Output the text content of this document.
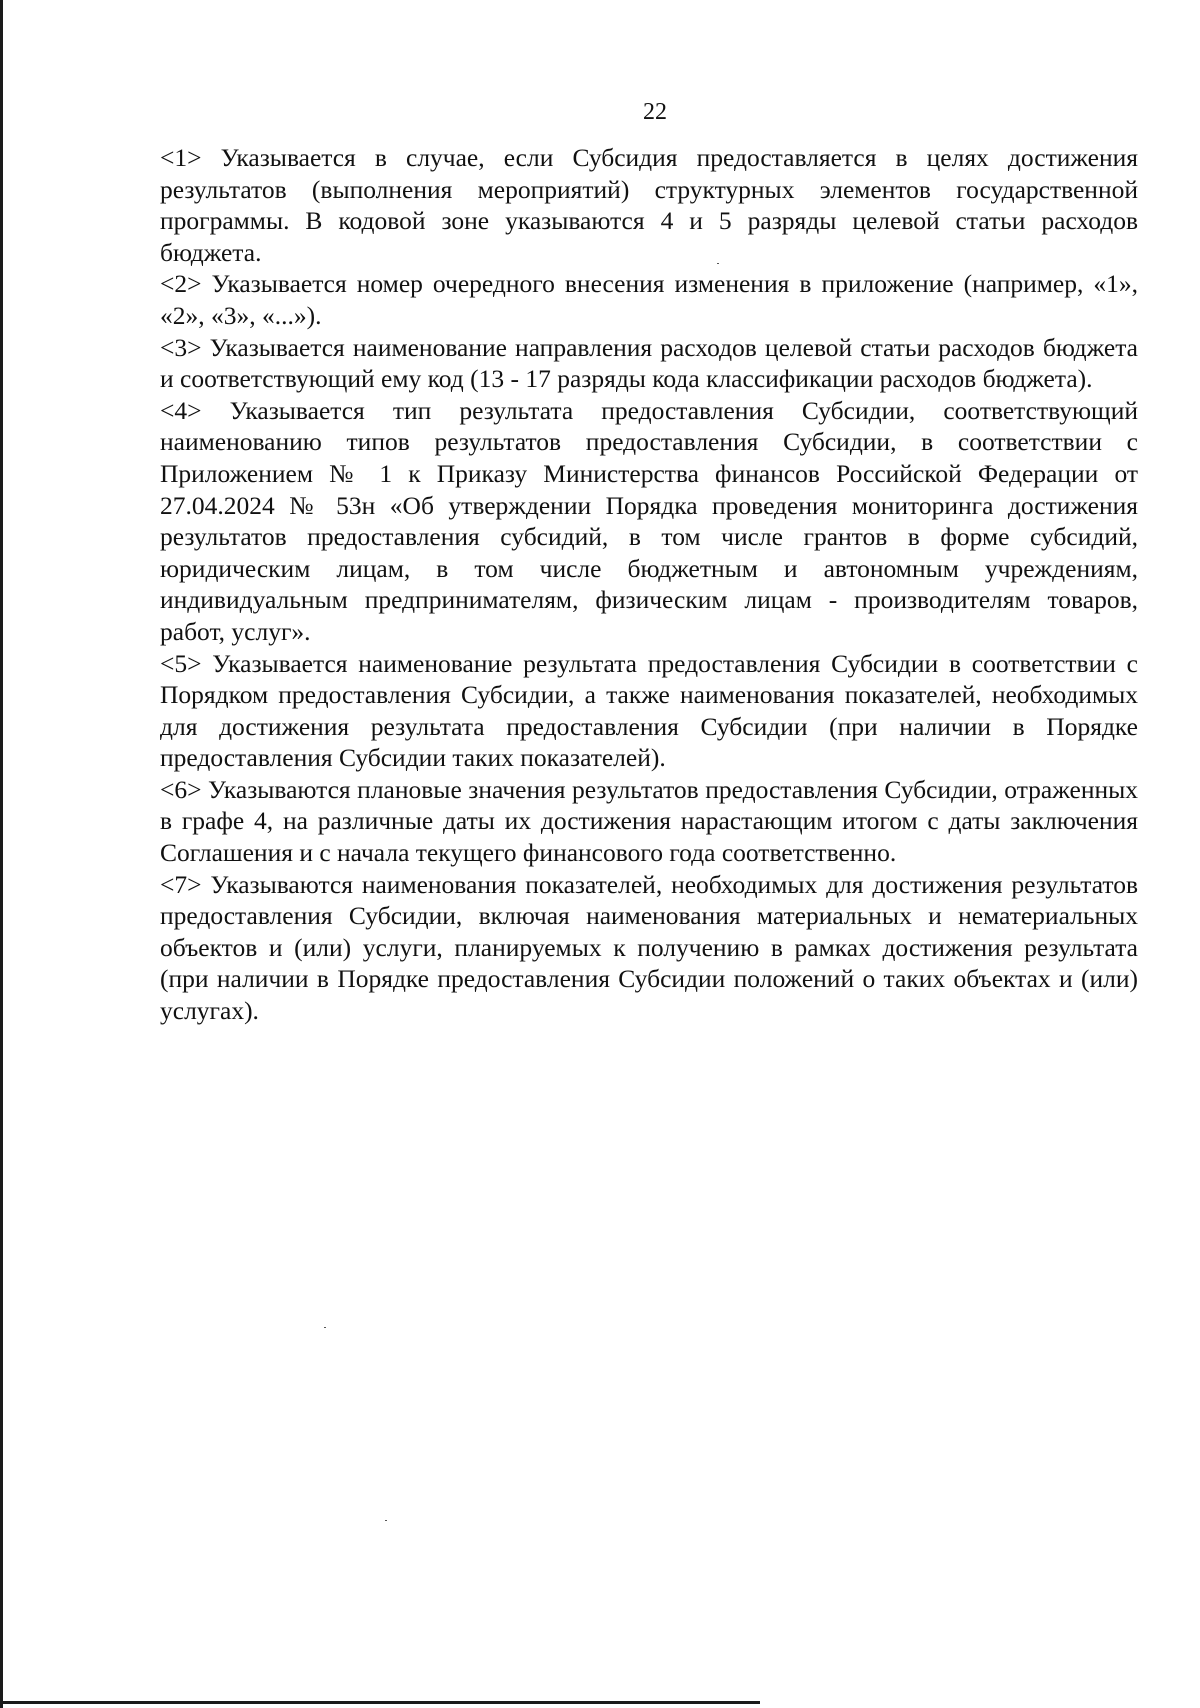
22

<1> Указывается в случае, если Субсидия предоставляется в целях достижения результатов (выполнения мероприятий) структурных элементов государственной программы. В кодовой зоне указываются 4 и 5 разряды целевой статьи расходов бюджета.

<2> Указывается номер очередного внесения изменения в приложение (например, «1», «2», «3», «...»).

<3> Указывается наименование направления расходов целевой статьи расходов бюджета и соответствующий ему код (13 - 17 разряды кода классификации расходов бюджета).

<4> Указывается тип результата предоставления Субсидии, соответствующий наименованию типов результатов предоставления Субсидии, в соответствии с Приложением № 1 к Приказу Министерства финансов Российской Федерации от 27.04.2024 № 53н «Об утверждении Порядка проведения мониторинга достижения результатов предоставления субсидий, в том числе грантов в форме субсидий, юридическим лицам, в том числе бюджетным и автономным учреждениям, индивидуальным предпринимателям, физическим лицам - производителям товаров, работ, услуг».

<5> Указывается наименование результата предоставления Субсидии в соответствии с Порядком предоставления Субсидии, а также наименования показателей, необходимых для достижения результата предоставления Субсидии (при наличии в Порядке предоставления Субсидии таких показателей).

<6> Указываются плановые значения результатов предоставления Субсидии, отраженных в графе 4, на различные даты их достижения нарастающим итогом с даты заключения Соглашения и с начала текущего финансового года соответственно.

<7> Указываются наименования показателей, необходимых для достижения результатов предоставления Субсидии, включая наименования материальных и нематериальных объектов и (или) услуги, планируемых к получению в рамках достижения результата (при наличии в Порядке предоставления Субсидии положений о таких объектах и (или) услугах).
